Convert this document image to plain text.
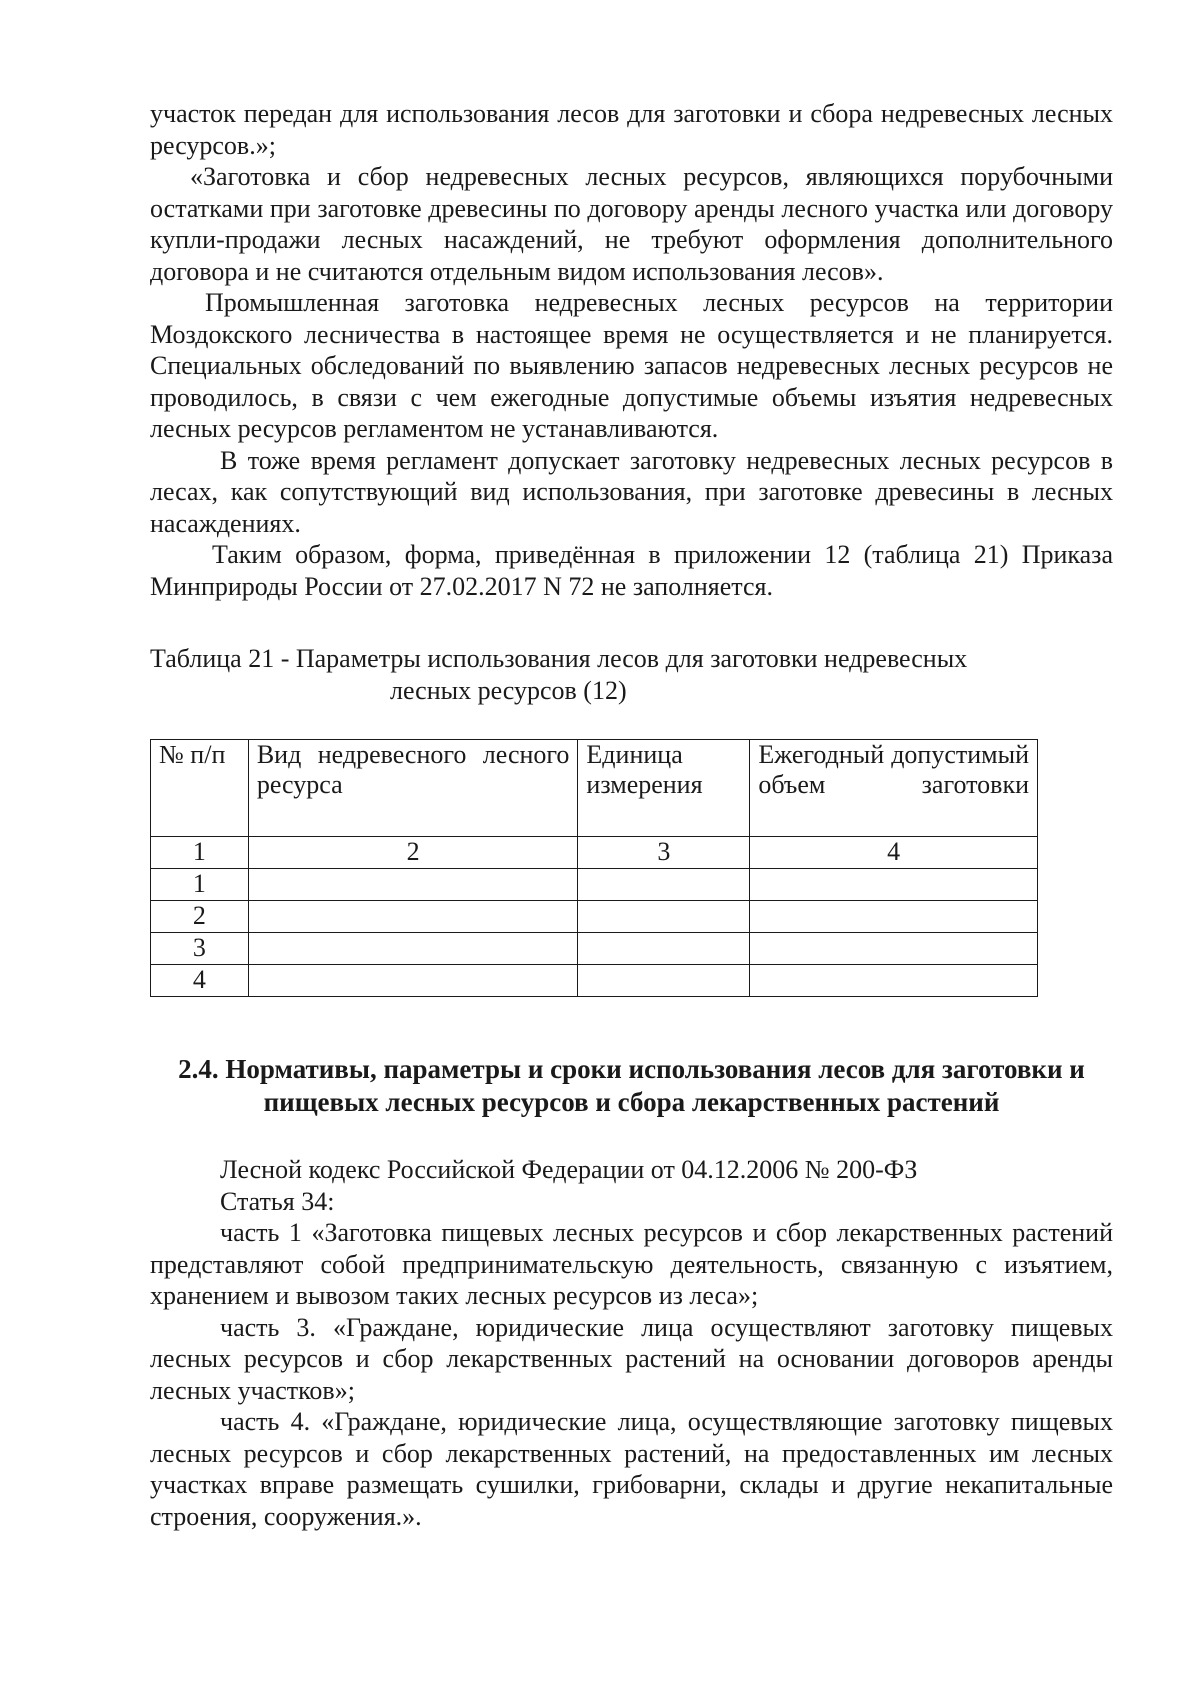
участок передан для использования лесов для заготовки и сбора недревесных лесных ресурсов.»;

«Заготовка и сбор недревесных лесных ресурсов, являющихся порубочными остатками при заготовке древесины по договору аренды лесного участка или договору купли-продажи лесных насаждений, не требуют оформления дополнительного договора и не считаются отдельным видом использования лесов».

Промышленная заготовка недревесных лесных ресурсов на территории Моздокского лесничества в настоящее время не осуществляется и не планируется. Специальных обследований по выявлению запасов недревесных лесных ресурсов не проводилось, в связи с чем ежегодные допустимые объемы изъятия недревесных лесных ресурсов регламентом не устанавливаются.

В тоже время регламент допускает заготовку недревесных лесных ресурсов в лесах, как сопутствующий вид использования, при заготовке древесины в лесных насаждениях.

Таким образом, форма, приведённая в приложении 12 (таблица 21) Приказа Минприроды России от 27.02.2017 N 72 не заполняется.

Таблица 21 - Параметры использования лесов для заготовки недревесных
лесных ресурсов (12)
№ п/п	Вид недревесного лесного ресурса	Единица измерения	Ежегодный допустимый объем заготовки
1	2	3	4
1			
2			
3			
4			
2.4. Нормативы, параметры и сроки использования лесов для заготовки и пищевых лесных ресурсов и сбора лекарственных растений

Лесной кодекс Российской Федерации от 04.12.2006 № 200-ФЗ

Статья 34:

часть 1 «Заготовка пищевых лесных ресурсов и сбор лекарственных растений представляют собой предпринимательскую деятельность, связанную с изъятием, хранением и вывозом таких лесных ресурсов из леса»;

часть 3. «Граждане, юридические лица осуществляют заготовку пищевых лесных ресурсов и сбор лекарственных растений на основании договоров аренды лесных участков»;

часть 4. «Граждане, юридические лица, осуществляющие заготовку пищевых лесных ресурсов и сбор лекарственных растений, на предоставленных им лесных участках вправе размещать сушилки, грибоварни, склады и другие некапитальные строения, сооружения.».
